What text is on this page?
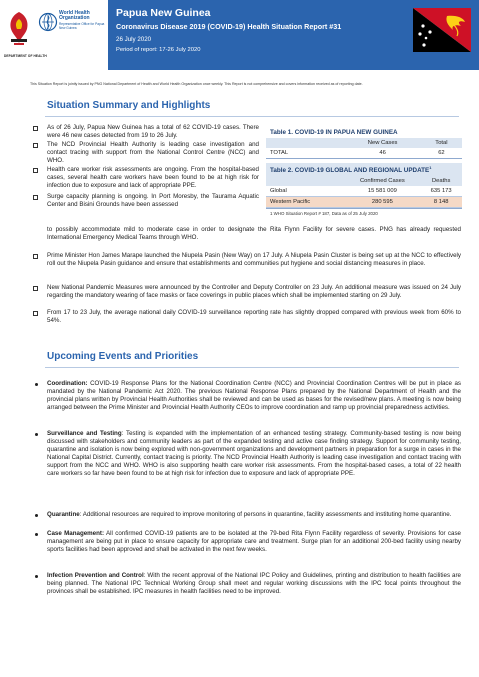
DEPARTMENT OF HEALTH
World Health Organization
Representative Office for Papua New Guinea
Papua New Guinea
Coronavirus Disease 2019 (COVID-19) Health Situation Report #31
26 July 2020
Period of report: 17-26 July 2020
This Situation Report is jointly issued by PNG National Department of Health and World Health Organization once weekly. This Report is not comprehensive and covers information received as of reporting date.
Situation Summary and Highlights
As of 26 July, Papua New Guinea has a total of 62 COVID-19 cases. There were 46 new cases detected from 19 to 26 July.
The NCD Provincial Health Authority is leading case investigation and contact tracing with support from the National Control Centre (NCC) and WHO.
Health care worker risk assessments are ongoing. From the hospital-based cases, several health care workers have been found to be at high risk for infection due to exposure and lack of appropriate PPE.
Surge capacity planning is ongoing. In Port Moresby, the Taurama Aquatic Center and Bisini Grounds have been assessed
Prime Minister Hon James Marape launched the Niupela Pasin (New Way) on 17 July. A Niupela Pasin Cluster is being set up at the NCC to effectively roll out the Niupela Pasin guidance and ensure that establishments and communities put hygiene and social distancing measures in place.
New National Pandemic Measures were announced by the Controller and Deputy Controller on 23 July. An additional measure was issued on 24 July regarding the mandatory wearing of face masks or face coverings in public places which shall be implemented starting on 29 July.
From 17 to 23 July, the average national daily COVID-19 surveillance reporting rate has slightly dropped compared with previous week from 60% to 54%.
Table 1. COVID-19 IN PAPUA NEW GUINEA
	New Cases	Total
TOTAL	46	62
Table 2. COVID-19 GLOBAL AND REGIONAL UPDATE$^1$
	Confirmed Cases	Deaths
Global	15 581 009	635 173
Western Pacific	280 595	8 148
1 WHO Situation Report # 187, Data as of 25 July 2020
Upcoming Events and Priorities
Coordination: COVID-19 Response Plans for the National Coordination Centre (NCC) and Provincial Coordination Centres will be put in place as mandated by the National Pandemic Act 2020. The previous National Response Plans prepared by the National Department of Health and the provincial plans written by Provincial Health Authorities shall be reviewed and can be used as bases for the revised/new plans. A meeting is now being arranged between the Prime Minister and Provincial Health Authority CEOs to improve coordination and ramp up provincial preparedness activities.
Surveillance and Testing: Testing is expanded with the implementation of an enhanced testing strategy. Community-based testing is now being discussed with stakeholders and community leaders as part of the expanded testing and active case finding strategy. Support for community testing, quarantine and isolation is now being explored with non-government organizations and development partners in preparation for a surge in cases in the National Capital District. Currently, contact tracing is priority. The NCD Provincial Health Authority is leading case investigation and contact tracing with support from the NCC and WHO. WHO is also supporting health care worker risk assessments. From the hospital-based cases, a total of 22 health care workers so far have been found to be at high risk for infection due to exposure and lack of appropriate PPE.
Quarantine: Additional resources are required to improve monitoring of persons in quarantine, facility assessments and instituting home quarantine.
Case Management: All confirmed COVID-19 patients are to be isolated at the 79-bed Rita Flynn Facility regardless of severity. Provisions for case management are being put in place to ensure capacity for appropriate care and treatment. Surge plan for an additional 200-bed facility using nearby sports facilities had been approved and shall be activated in the next few weeks.
Infection Prevention and Control: With the recent approval of the National IPC Policy and Guidelines, printing and distribution to health facilities are being planned. The National IPC Technical Working Group shall meet and regular working discussions with the IPC focal points throughout the provinces shall be established. IPC measures in health facilities need to be improved.
to possibly accommodate mild to moderate case in order to designate the Rita Flynn Facility for severe cases. PNG has already requested International Emergency Medical Teams through WHO.
